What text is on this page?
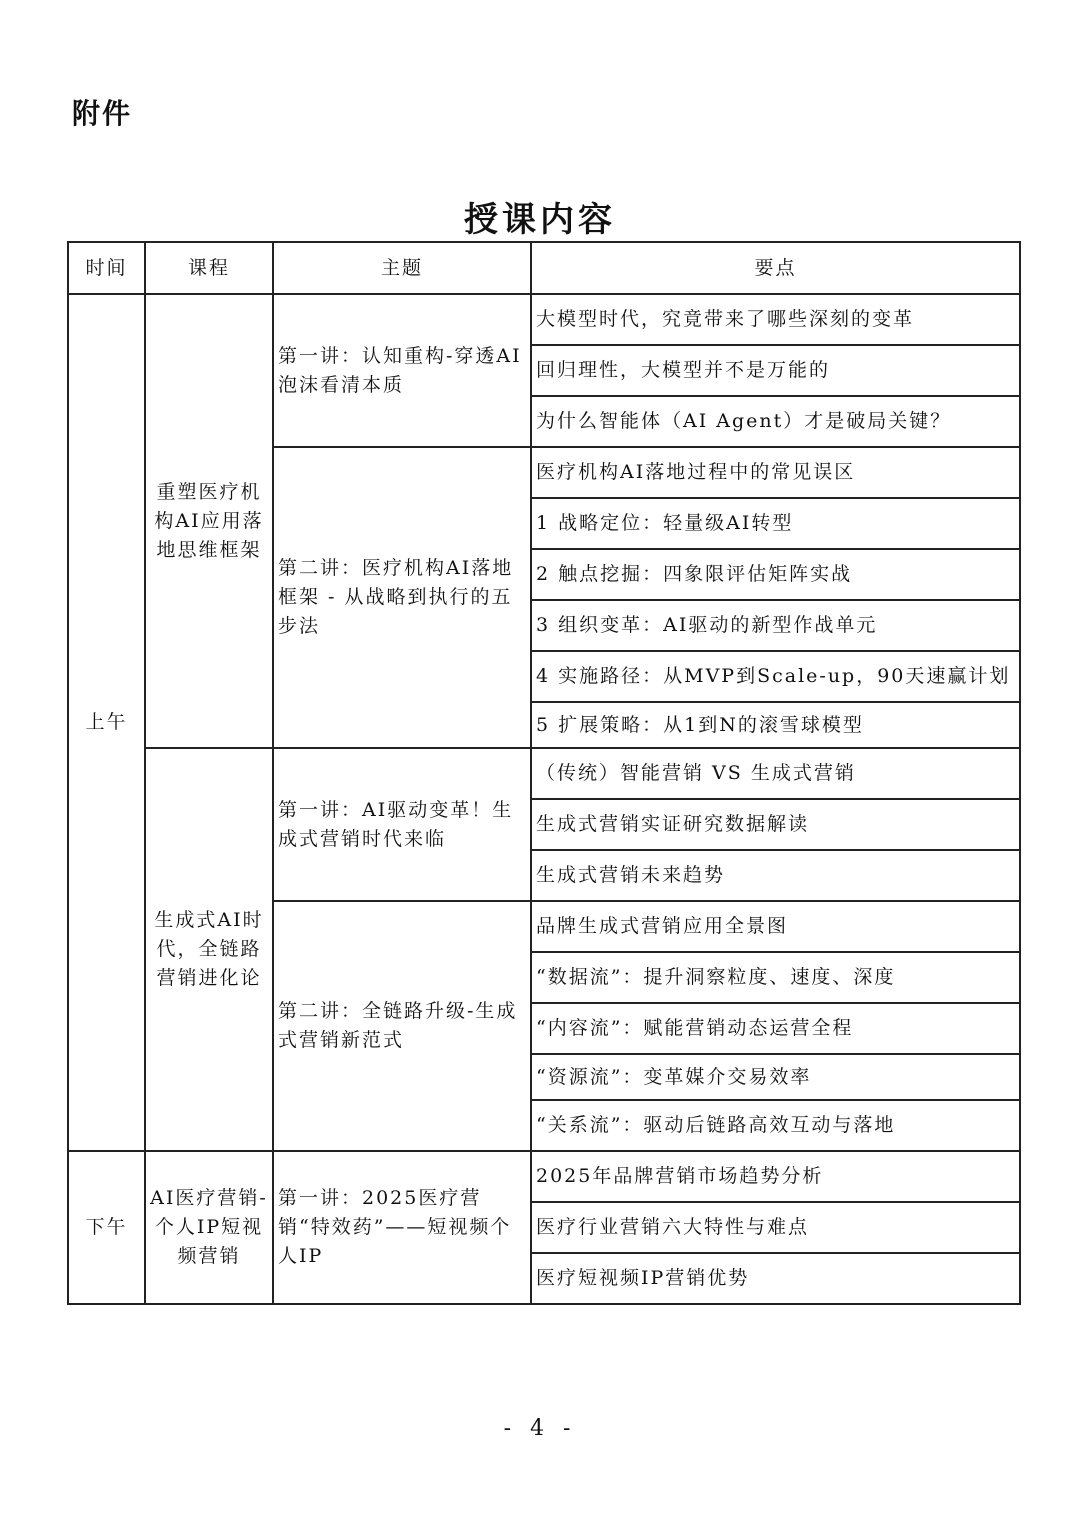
附件
授课内容
时间	课程	主题	要点
上午	重塑医疗机构AI应用落地思维框架	第一讲：认知重构-穿透AI泡沫看清本质	大模型时代，究竟带来了哪些深刻的变革
			回归理性，大模型并不是万能的
			为什么智能体（AI Agent）才是破局关键？
		第二讲：医疗机构AI落地框架 - 从战略到执行的五步法	医疗机构AI落地过程中的常见误区
			1 战略定位：轻量级AI转型
			2 触点挖掘：四象限评估矩阵实战
			3 组织变革：AI驱动的新型作战单元
			4 实施路径：从MVP到Scale-up，90天速赢计划
			5 扩展策略：从1到N的滚雪球模型
	生成式AI时代，全链路营销进化论	第一讲：AI驱动变革！生成式营销时代来临	（传统）智能营销 VS 生成式营销
			生成式营销实证研究数据解读
			生成式营销未来趋势
		第二讲：全链路升级-生成式营销新范式	品牌生成式营销应用全景图
			“数据流”：提升洞察粒度、速度、深度
			“内容流”：赋能营销动态运营全程
			“资源流”：变革媒介交易效率
			“关系流”：驱动后链路高效互动与落地
下午	AI医疗营销-个人IP短视频营销	第一讲：2025医疗营销“特效药”——短视频个人IP	2025年品牌营销市场趋势分析
			医疗行业营销六大特性与难点
			医疗短视频IP营销优势
- 4 -
